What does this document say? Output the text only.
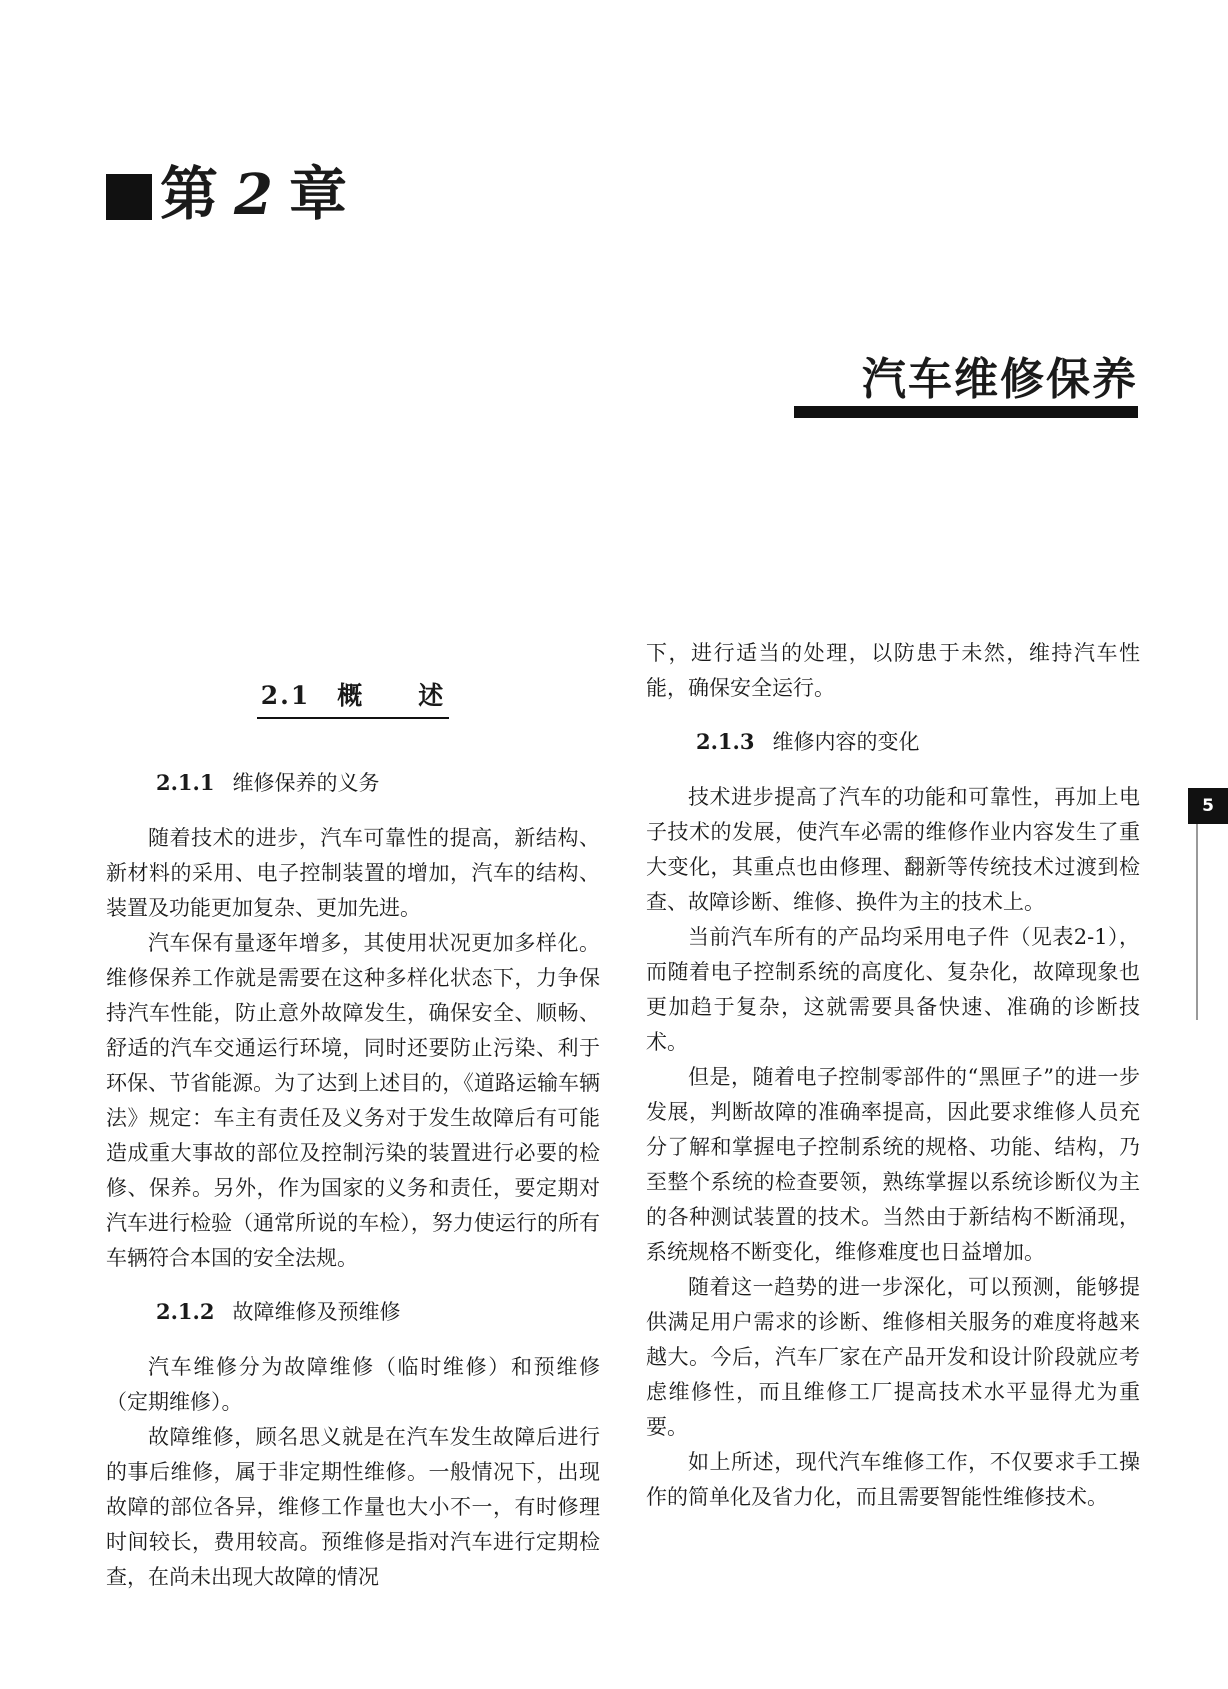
第 2 章
汽车维修保养
5
2.1　概　　述
2.1.1 维修保养的义务

随着技术的进步，汽车可靠性的提高，新结构、新材料的采用、电子控制装置的增加，汽车的结构、装置及功能更加复杂、更加先进。

汽车保有量逐年增多，其使用状况更加多样化。维修保养工作就是需要在这种多样化状态下，力争保持汽车性能，防止意外故障发生，确保安全、顺畅、舒适的汽车交通运行环境，同时还要防止污染、利于环保、节省能源。为了达到上述目的，《道路运输车辆法》规定：车主有责任及义务对于发生故障后有可能造成重大事故的部位及控制污染的装置进行必要的检修、保养。另外，作为国家的义务和责任，要定期对汽车进行检验（通常所说的车检），努力使运行的所有车辆符合本国的安全法规。

2.1.2 故障维修及预维修

汽车维修分为故障维修（临时维修）和预维修（定期维修）。

故障维修，顾名思义就是在汽车发生故障后进行的事后维修，属于非定期性维修。一般情况下，出现故障的部位各异，维修工作量也大小不一，有时修理时间较长，费用较高。预维修是指对汽车进行定期检查，在尚未出现大故障的情况

下，进行适当的处理，以防患于未然，维持汽车性能，确保安全运行。

2.1.3 维修内容的变化

技术进步提高了汽车的功能和可靠性，再加上电子技术的发展，使汽车必需的维修作业内容发生了重大变化，其重点也由修理、翻新等传统技术过渡到检查、故障诊断、维修、换件为主的技术上。

当前汽车所有的产品均采用电子件（见表2-1），而随着电子控制系统的高度化、复杂化，故障现象也更加趋于复杂，这就需要具备快速、准确的诊断技术。

但是，随着电子控制零部件的“黑匣子”的进一步发展，判断故障的准确率提高，因此要求维修人员充分了解和掌握电子控制系统的规格、功能、结构，乃至整个系统的检查要领，熟练掌握以系统诊断仪为主的各种测试装置的技术。当然由于新结构不断涌现，系统规格不断变化，维修难度也日益增加。

随着这一趋势的进一步深化，可以预测，能够提供满足用户需求的诊断、维修相关服务的难度将越来越大。今后，汽车厂家在产品开发和设计阶段就应考虑维修性，而且维修工厂提高技术水平显得尤为重要。

如上所述，现代汽车维修工作，不仅要求手工操作的简单化及省力化，而且需要智能性维修技术。
